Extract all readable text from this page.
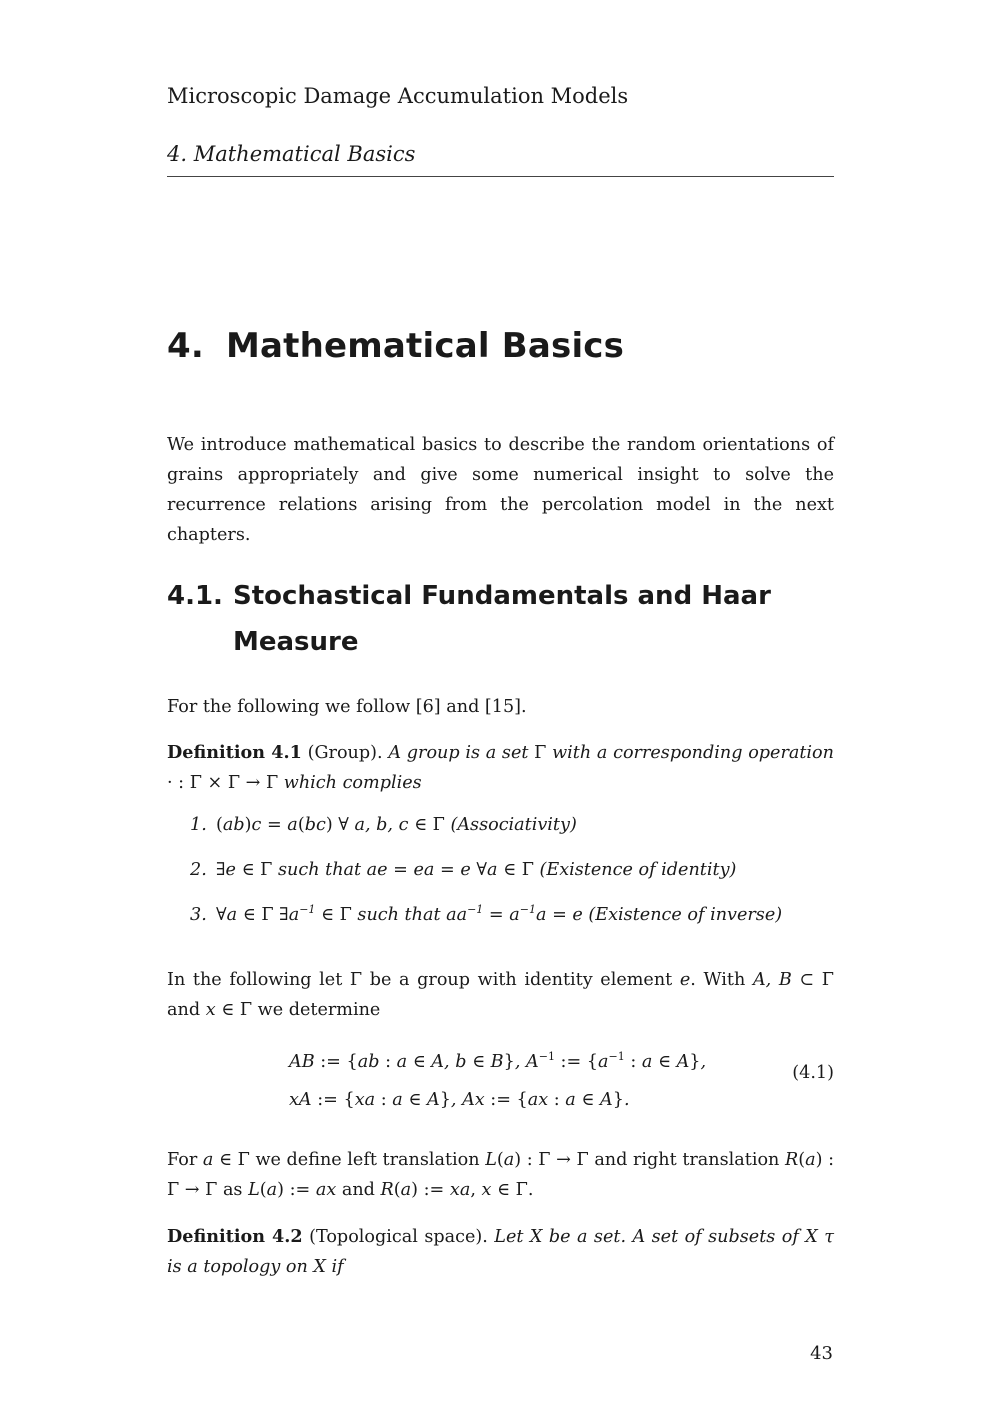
Microscopic Damage Accumulation Models
4. Mathematical Basics
4. Mathematical Basics
We introduce mathematical basics to describe the random orientations of grains appropriately and give some numerical insight to solve the recurrence relations arising from the percolation model in the next chapters.
4.1. Stochastical Fundamentals and Haar
Measure
For the following we follow [6] and [15].
Definition 4.1 (Group). A group is a set Γ with a corresponding operation · : Γ × Γ → Γ which complies
1. (ab)c = a(bc) ∀ a, b, c ∈ Γ (Associativity)
2. ∃e ∈ Γ such that ae = ea = e ∀a ∈ Γ (Existence of identity)
3. ∀a ∈ Γ $\exists a^{-1}$ ∈ Γ such that $aa^{-1} = a^{-1}a = e$ (Existence of inverse)
In the following let Γ be a group with identity element e. With A, B ⊂ Γ and x ∈ Γ we determine
AB := {ab : a ∈ A, b ∈ B}, $A^{-1}$ := {$a^{-1}$ : a ∈ A},
xA := {xa : a ∈ A}, Ax := {ax : a ∈ A}.
(4.1)
For a ∈ Γ we define left translation L(a) : Γ → Γ and right translation R(a) : Γ → Γ as L(a) := ax and R(a) := xa, x ∈ Γ.
Definition 4.2 (Topological space). Let X be a set. A set of subsets of X τ is a topology on X if
43
